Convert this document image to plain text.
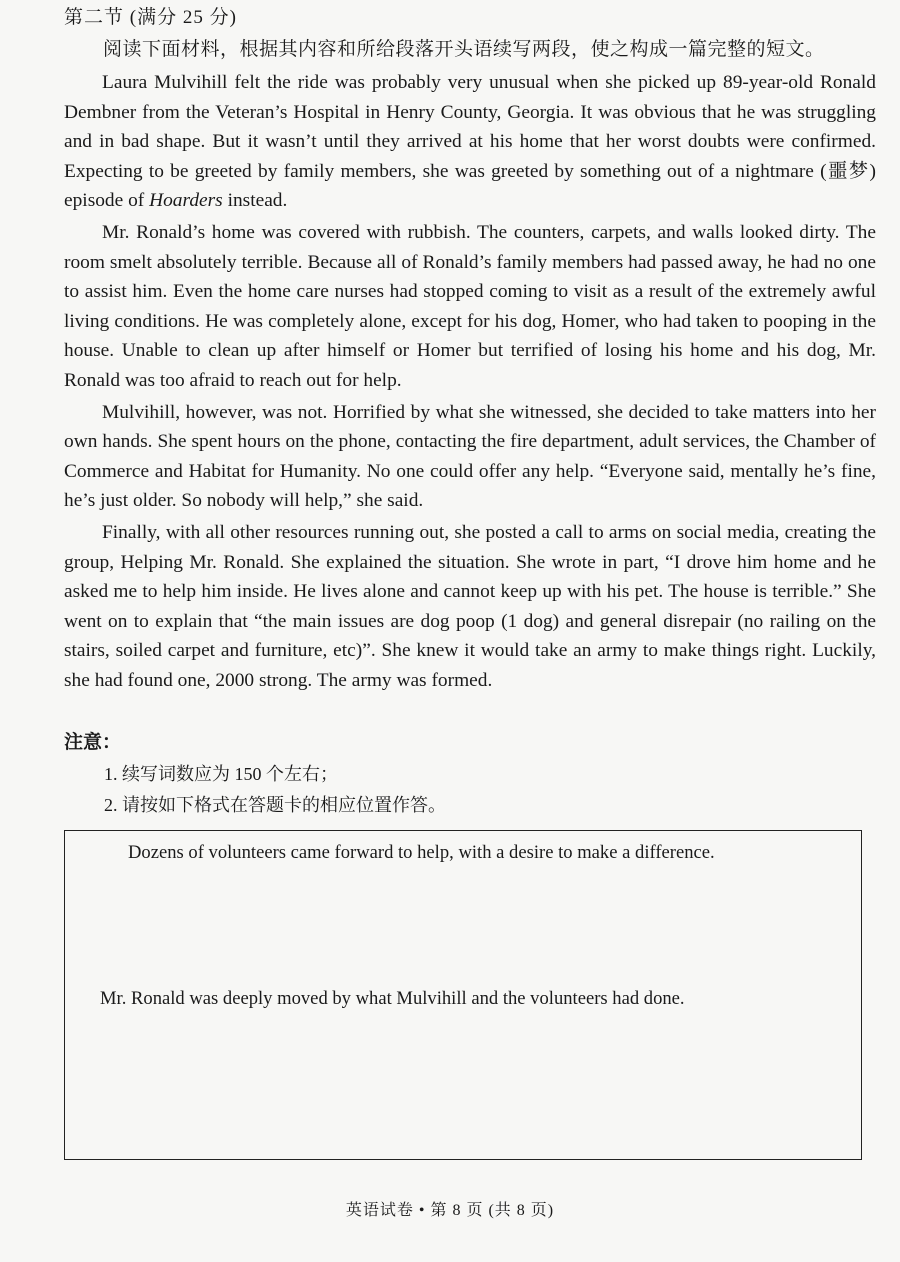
第二节 (满分 25 分)
阅读下面材料，根据其内容和所给段落开头语续写两段，使之构成一篇完整的短文。

Laura Mulvihill felt the ride was probably very unusual when she picked up 89-year-old Ronald Dembner from the Veteran’s Hospital in Henry County, Georgia. It was obvious that he was struggling and in bad shape. But it wasn’t until they arrived at his home that her worst doubts were confirmed. Expecting to be greeted by family members, she was greeted by something out of a nightmare (噩梦) episode of Hoarders instead.

Mr. Ronald’s home was covered with rubbish. The counters, carpets, and walls looked dirty. The room smelt absolutely terrible. Because all of Ronald’s family members had passed away, he had no one to assist him. Even the home care nurses had stopped coming to visit as a result of the extremely awful living conditions. He was completely alone, except for his dog, Homer, who had taken to pooping in the house. Unable to clean up after himself or Homer but terrified of losing his home and his dog, Mr. Ronald was too afraid to reach out for help.

Mulvihill, however, was not. Horrified by what she witnessed, she decided to take matters into her own hands. She spent hours on the phone, contacting the fire department, adult services, the Chamber of Commerce and Habitat for Humanity. No one could offer any help. “Everyone said, mentally he’s fine, he’s just older. So nobody will help,” she said.

Finally, with all other resources running out, she posted a call to arms on social media, creating the group, Helping Mr. Ronald. She explained the situation. She wrote in part, “I drove him home and he asked me to help him inside. He lives alone and cannot keep up with his pet. The house is terrible.” She went on to explain that “the main issues are dog poop (1 dog) and general disrepair (no railing on the stairs, soiled carpet and furniture, etc)”. She knew it would take an army to make things right. Luckily, she had found one, 2000 strong. The army was formed.

注意：
1. 续写词数应为 150 个左右；
2. 请按如下格式在答题卡的相应位置作答。
Dozens of volunteers came forward to help, with a desire to make a difference.
Mr. Ronald was deeply moved by what Mulvihill and the volunteers had done.
英语试卷 • 第 8 页 (共 8 页)
